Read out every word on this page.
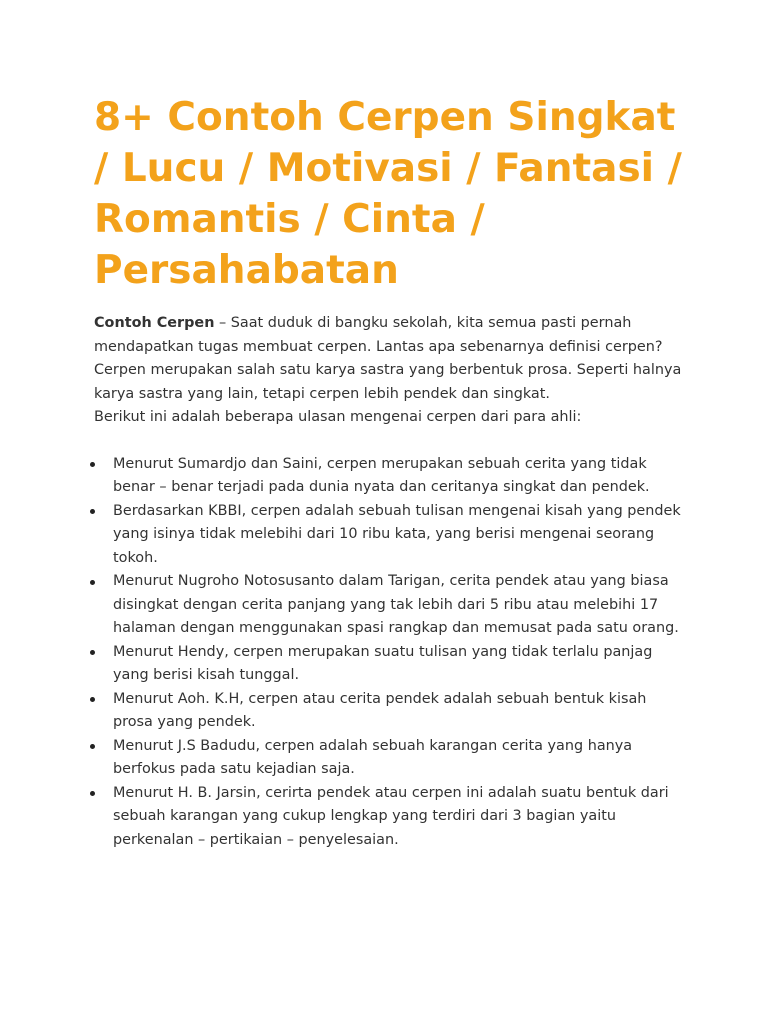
8+ Contoh Cerpen Singkat / Lucu / Motivasi / Fantasi / Romantis / Cinta / Persahabatan

Contoh Cerpen – Saat duduk di bangku sekolah, kita semua pasti pernah mendapatkan tugas membuat cerpen. Lantas apa sebenarnya definisi cerpen? Cerpen merupakan salah satu karya sastra yang berbentuk prosa. Seperti halnya karya sastra yang lain, tetapi cerpen lebih pendek dan singkat.

Berikut ini adalah beberapa ulasan mengenai cerpen dari para ahli:

Menurut Sumardjo dan Saini, cerpen merupakan sebuah cerita yang tidak benar – benar terjadi pada dunia nyata dan ceritanya singkat dan pendek.
Berdasarkan KBBI, cerpen adalah sebuah tulisan mengenai kisah yang pendek yang isinya tidak melebihi dari 10 ribu kata, yang berisi mengenai seorang tokoh.
Menurut Nugroho Notosusanto dalam Tarigan, cerita pendek atau yang biasa disingkat dengan cerita panjang yang tak lebih dari 5 ribu atau melebihi 17 halaman dengan menggunakan spasi rangkap dan memusat pada satu orang.
Menurut Hendy, cerpen merupakan suatu tulisan yang tidak terlalu panjag yang berisi kisah tunggal.
Menurut Aoh. K.H, cerpen atau cerita pendek adalah sebuah bentuk kisah prosa yang pendek.
Menurut J.S Badudu, cerpen adalah sebuah karangan cerita yang hanya berfokus pada satu kejadian saja.
Menurut H. B. Jarsin, cerirta pendek atau cerpen ini adalah suatu bentuk dari sebuah karangan yang cukup lengkap yang terdiri dari 3 bagian yaitu perkenalan – pertikaian – penyelesaian.
